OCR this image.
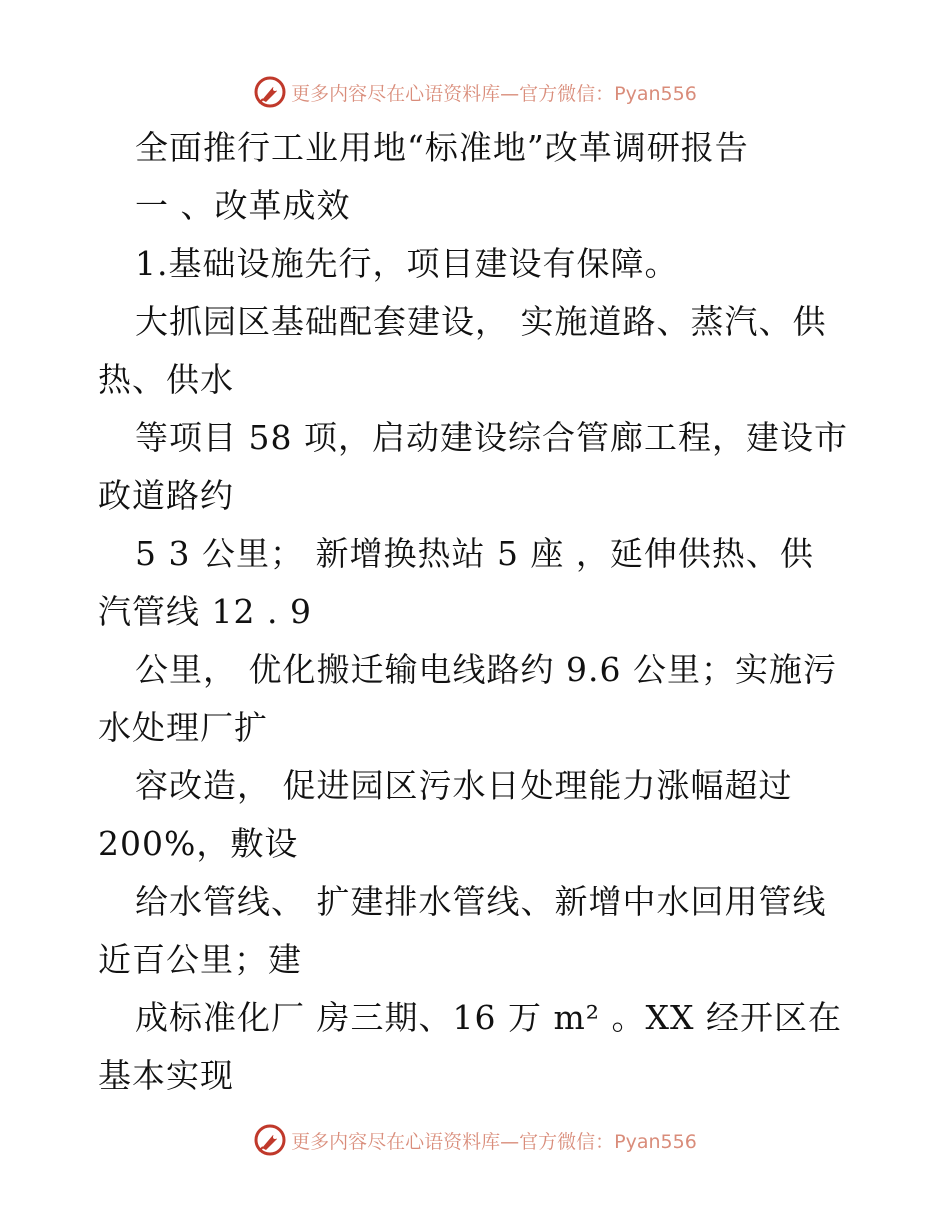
更多内容尽在心语资料库—官方微信：Pyan556
全面推行工业用地“标准地”改革调研报告
一 、改革成效
1.基础设施先行，项目建设有保障。
大抓园区基础配套建设， 实施道路、蒸汽、供
热、供水
等项目 58 项，启动建设综合管廊工程，建设市
政道路约
5 3 公里； 新增换热站 5 座 ，延伸供热、供
汽管线 12 . 9
公里， 优化搬迁输电线路约 9.6 公里；实施污
水处理厂扩
容改造， 促进园区污水日处理能力涨幅超过
200%，敷设
给水管线、 扩建排水管线、新增中水回用管线
近百公里；建
成标准化厂 房三期、16 万 m² 。XX 经开区在
基本实现
更多内容尽在心语资料库—官方微信：Pyan556
